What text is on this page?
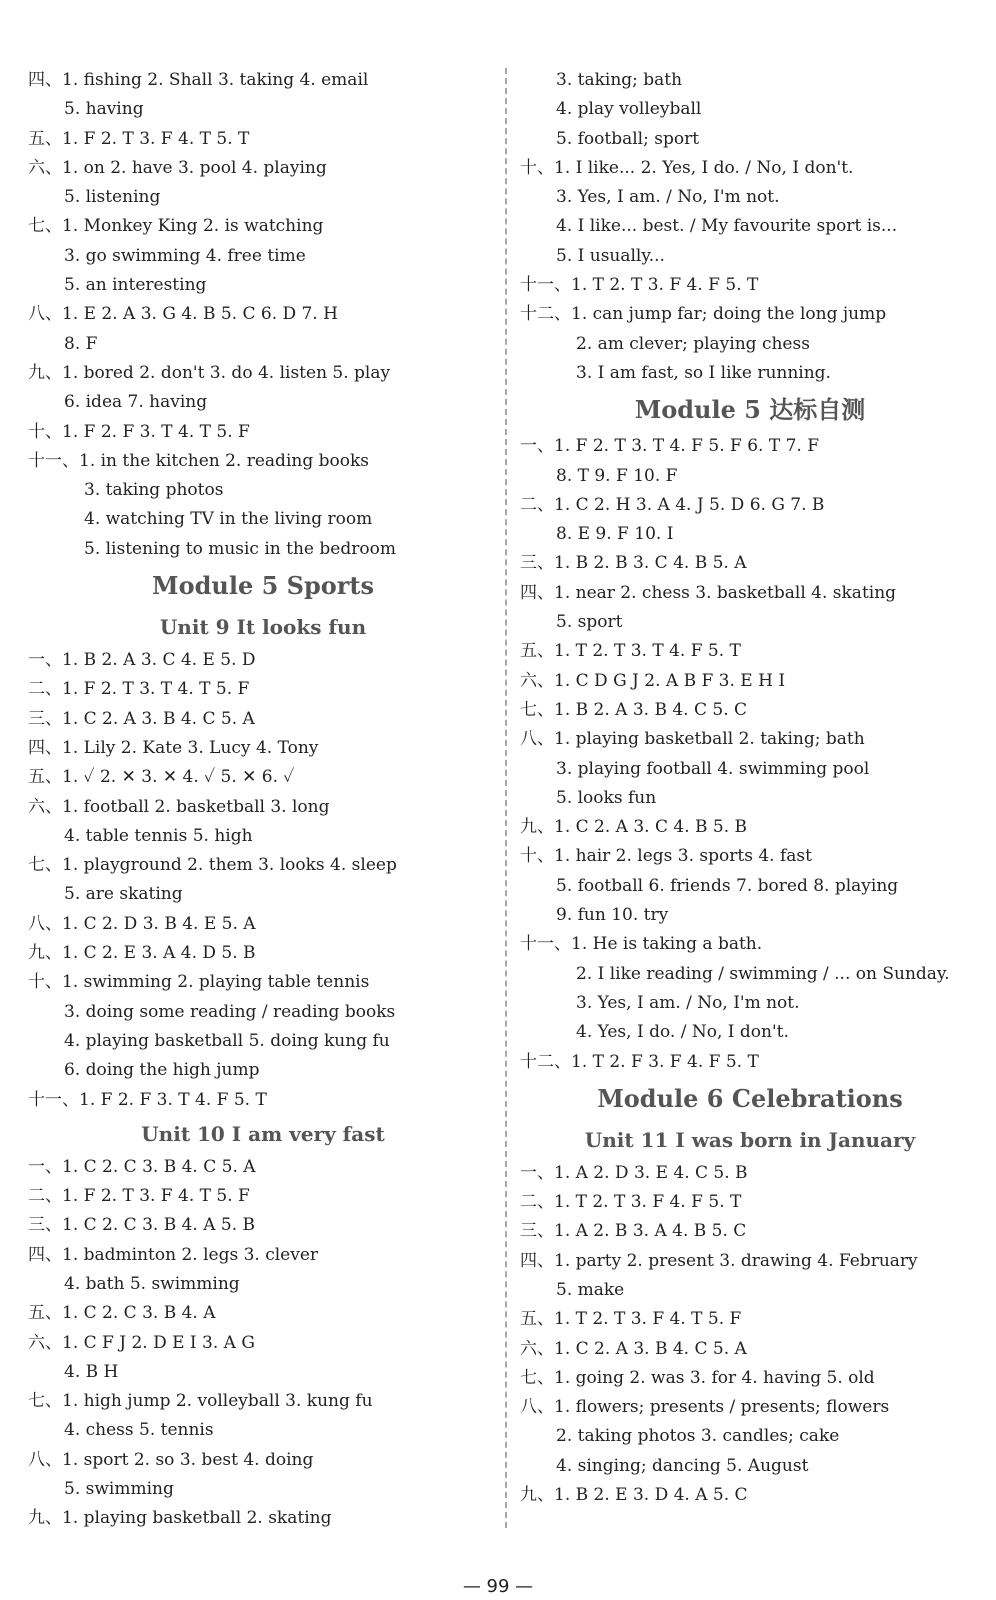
四、1. fishing 2. Shall 3. taking 4. email
5. having
五、1. F 2. T 3. F 4. T 5. T
六、1. on 2. have 3. pool 4. playing
5. listening
七、1. Monkey King 2. is watching
3. go swimming 4. free time
5. an interesting
八、1. E 2. A 3. G 4. B 5. C 6. D 7. H
8. F
九、1. bored 2. don't 3. do 4. listen 5. play
6. idea 7. having
十、1. F 2. F 3. T 4. T 5. F
十一、1. in the kitchen 2. reading books
3. taking photos
4. watching TV in the living room
5. listening to music in the bedroom
Module 5 Sports
Unit 9 It looks fun
一、1. B 2. A 3. C 4. E 5. D
二、1. F 2. T 3. T 4. T 5. F
三、1. C 2. A 3. B 4. C 5. A
四、1. Lily 2. Kate 3. Lucy 4. Tony
五、1. ✓ 2. ✕ 3. ✕ 4. ✓ 5. ✕ 6. ✓
六、1. football 2. basketball 3. long
4. table tennis 5. high
七、1. playground 2. them 3. looks 4. sleep
5. are skating
八、1. C 2. D 3. B 4. E 5. A
九、1. C 2. E 3. A 4. D 5. B
十、1. swimming 2. playing table tennis
3. doing some reading / reading books
4. playing basketball 5. doing kung fu
6. doing the high jump
十一、1. F 2. F 3. T 4. F 5. T
Unit 10 I am very fast
一、1. C 2. C 3. B 4. C 5. A
二、1. F 2. T 3. F 4. T 5. F
三、1. C 2. C 3. B 4. A 5. B
四、1. badminton 2. legs 3. clever
4. bath 5. swimming
五、1. C 2. C 3. B 4. A
六、1. C F J 2. D E I 3. A G
4. B H
七、1. high jump 2. volleyball 3. kung fu
4. chess 5. tennis
八、1. sport 2. so 3. best 4. doing
5. swimming
九、1. playing basketball 2. skating
3. taking; bath
4. play volleyball
5. football; sport
十、1. I like... 2. Yes, I do. / No, I don't.
3. Yes, I am. / No, I'm not.
4. I like... best. / My favourite sport is...
5. I usually...
十一、1. T 2. T 3. F 4. F 5. T
十二、1. can jump far; doing the long jump
2. am clever; playing chess
3. I am fast, so I like running.
Module 5 达标自测
一、1. F 2. T 3. T 4. F 5. F 6. T 7. F
8. T 9. F 10. F
二、1. C 2. H 3. A 4. J 5. D 6. G 7. B
8. E 9. F 10. I
三、1. B 2. B 3. C 4. B 5. A
四、1. near 2. chess 3. basketball 4. skating
5. sport
五、1. T 2. T 3. T 4. F 5. T
六、1. C D G J 2. A B F 3. E H I
七、1. B 2. A 3. B 4. C 5. C
八、1. playing basketball 2. taking; bath
3. playing football 4. swimming pool
5. looks fun
九、1. C 2. A 3. C 4. B 5. B
十、1. hair 2. legs 3. sports 4. fast
5. football 6. friends 7. bored 8. playing
9. fun 10. try
十一、1. He is taking a bath.
2. I like reading / swimming / ... on Sunday.
3. Yes, I am. / No, I'm not.
4. Yes, I do. / No, I don't.
十二、1. T 2. F 3. F 4. F 5. T
Module 6 Celebrations
Unit 11 I was born in January
一、1. A 2. D 3. E 4. C 5. B
二、1. T 2. T 3. F 4. F 5. T
三、1. A 2. B 3. A 4. B 5. C
四、1. party 2. present 3. drawing 4. February
5. make
五、1. T 2. T 3. F 4. T 5. F
六、1. C 2. A 3. B 4. C 5. A
七、1. going 2. was 3. for 4. having 5. old
八、1. flowers; presents / presents; flowers
2. taking photos 3. candles; cake
4. singing; dancing 5. August
九、1. B 2. E 3. D 4. A 5. C
— 99 —
